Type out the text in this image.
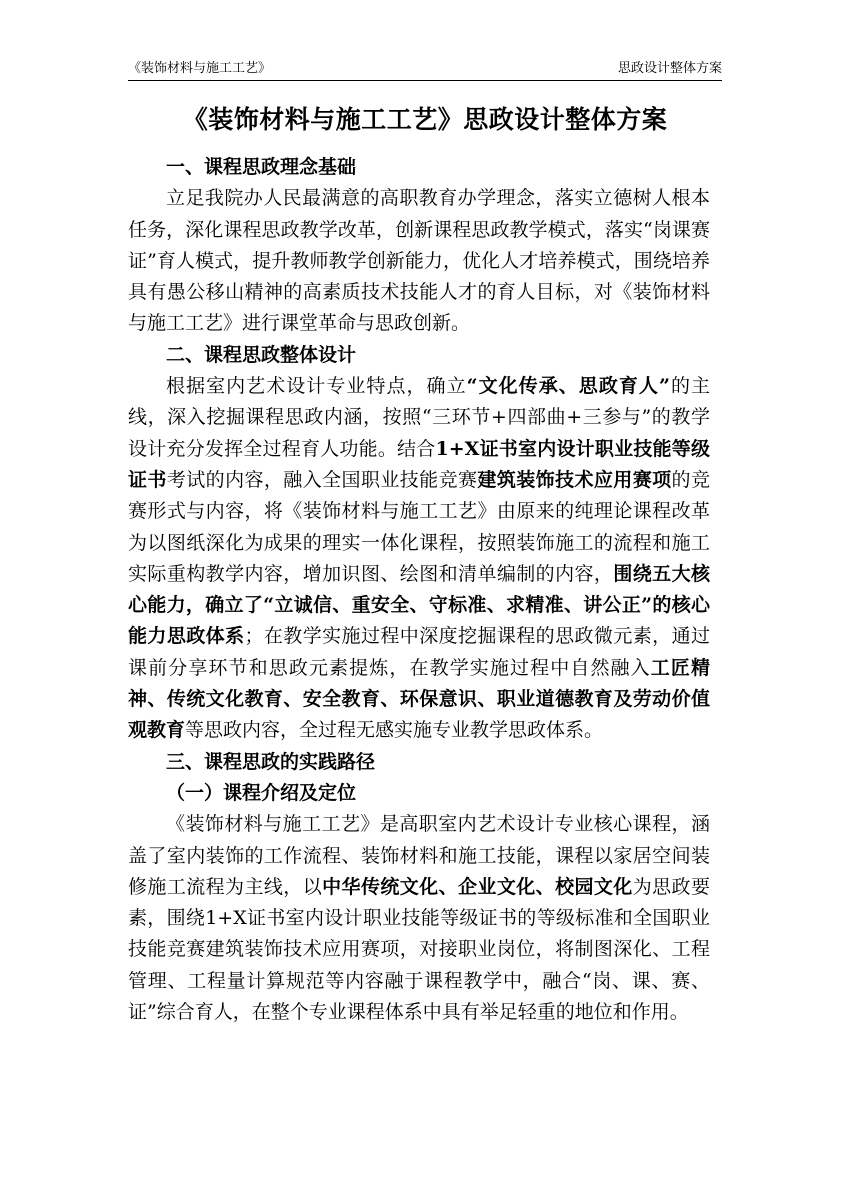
《装饰材料与施工工艺》	思政设计整体方案
《装饰材料与施工工艺》思政设计整体方案

一、课程思政理念基础

立足我院办人民最满意的高职教育办学理念，落实立德树人根本任务，深化课程思政教学改革，创新课程思政教学模式，落实“岗课赛证”育人模式，提升教师教学创新能力，优化人才培养模式，围绕培养具有愚公移山精神的高素质技术技能人才的育人目标，对《装饰材料与施工工艺》进行课堂革命与思政创新。

二、课程思政整体设计

根据室内艺术设计专业特点，确立“文化传承、思政育人”的主线，深入挖掘课程思政内涵，按照“三环节+四部曲+三参与”的教学设计充分发挥全过程育人功能。结合1+X证书室内设计职业技能等级证书考试的内容，融入全国职业技能竞赛建筑装饰技术应用赛项的竞赛形式与内容，将《装饰材料与施工工艺》由原来的纯理论课程改革为以图纸深化为成果的理实一体化课程，按照装饰施工的流程和施工实际重构教学内容，增加识图、绘图和清单编制的内容，围绕五大核心能力，确立了“立诚信、重安全、守标准、求精准、讲公正”的核心能力思政体系；在教学实施过程中深度挖掘课程的思政微元素，通过课前分享环节和思政元素提炼，在教学实施过程中自然融入工匠精神、传统文化教育、安全教育、环保意识、职业道德教育及劳动价值观教育等思政内容，全过程无感实施专业教学思政体系。

三、课程思政的实践路径

（一）课程介绍及定位

《装饰材料与施工工艺》是高职室内艺术设计专业核心课程，涵盖了室内装饰的工作流程、装饰材料和施工技能，课程以家居空间装修施工流程为主线，以中华传统文化、企业文化、校园文化为思政要素，围绕1+X证书室内设计职业技能等级证书的等级标准和全国职业技能竞赛建筑装饰技术应用赛项，对接职业岗位，将制图深化、工程管理、工程量计算规范等内容融于课程教学中，融合“岗、课、赛、证”综合育人，在整个专业课程体系中具有举足轻重的地位和作用。
